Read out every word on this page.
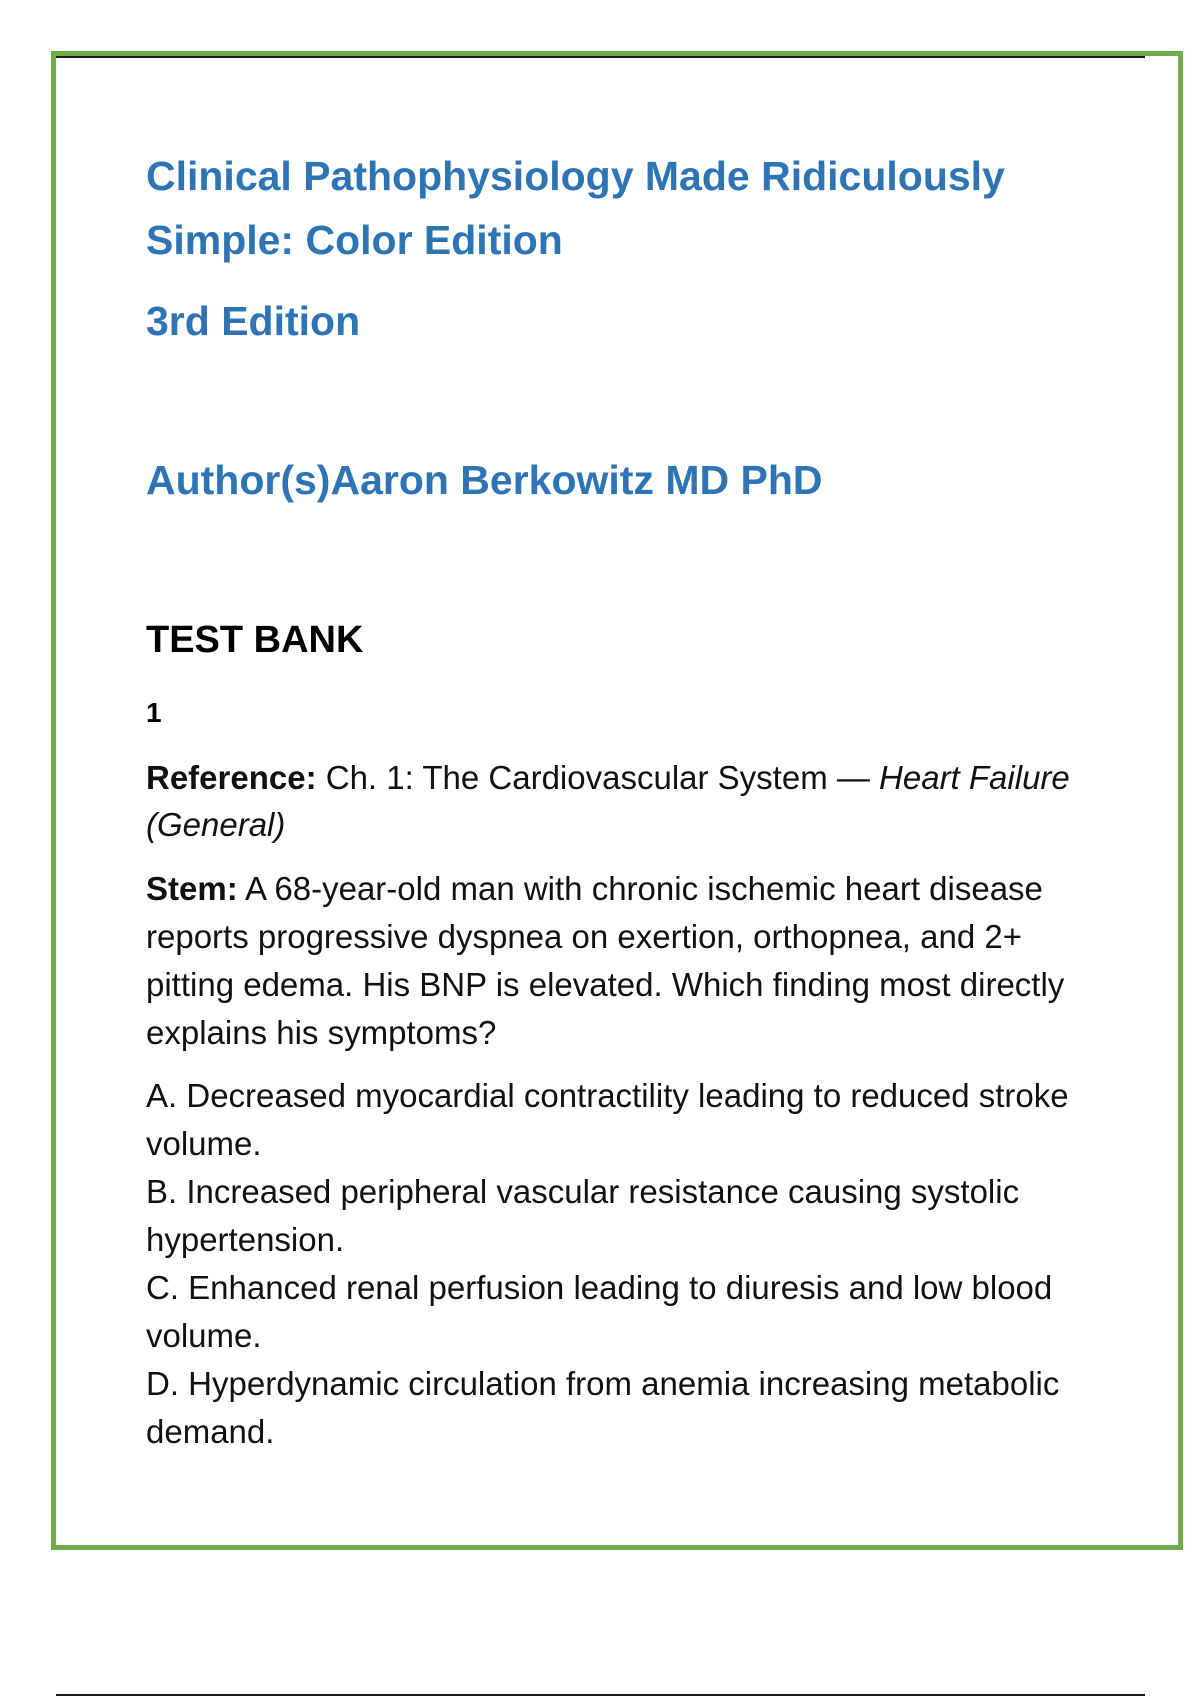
Clinical Pathophysiology Made Ridiculously
Simple: Color Edition
3rd Edition
Author(s)Aaron Berkowitz MD PhD
TEST BANK
1
Reference: Ch. 1: The Cardiovascular System — Heart Failure
(General)
Stem: A 68-year-old man with chronic ischemic heart disease
reports progressive dyspnea on exertion, orthopnea, and 2+
pitting edema. His BNP is elevated. Which finding most directly
explains his symptoms?
A. Decreased myocardial contractility leading to reduced stroke
volume.
B. Increased peripheral vascular resistance causing systolic
hypertension.
C. Enhanced renal perfusion leading to diuresis and low blood
volume.
D. Hyperdynamic circulation from anemia increasing metabolic
demand.
